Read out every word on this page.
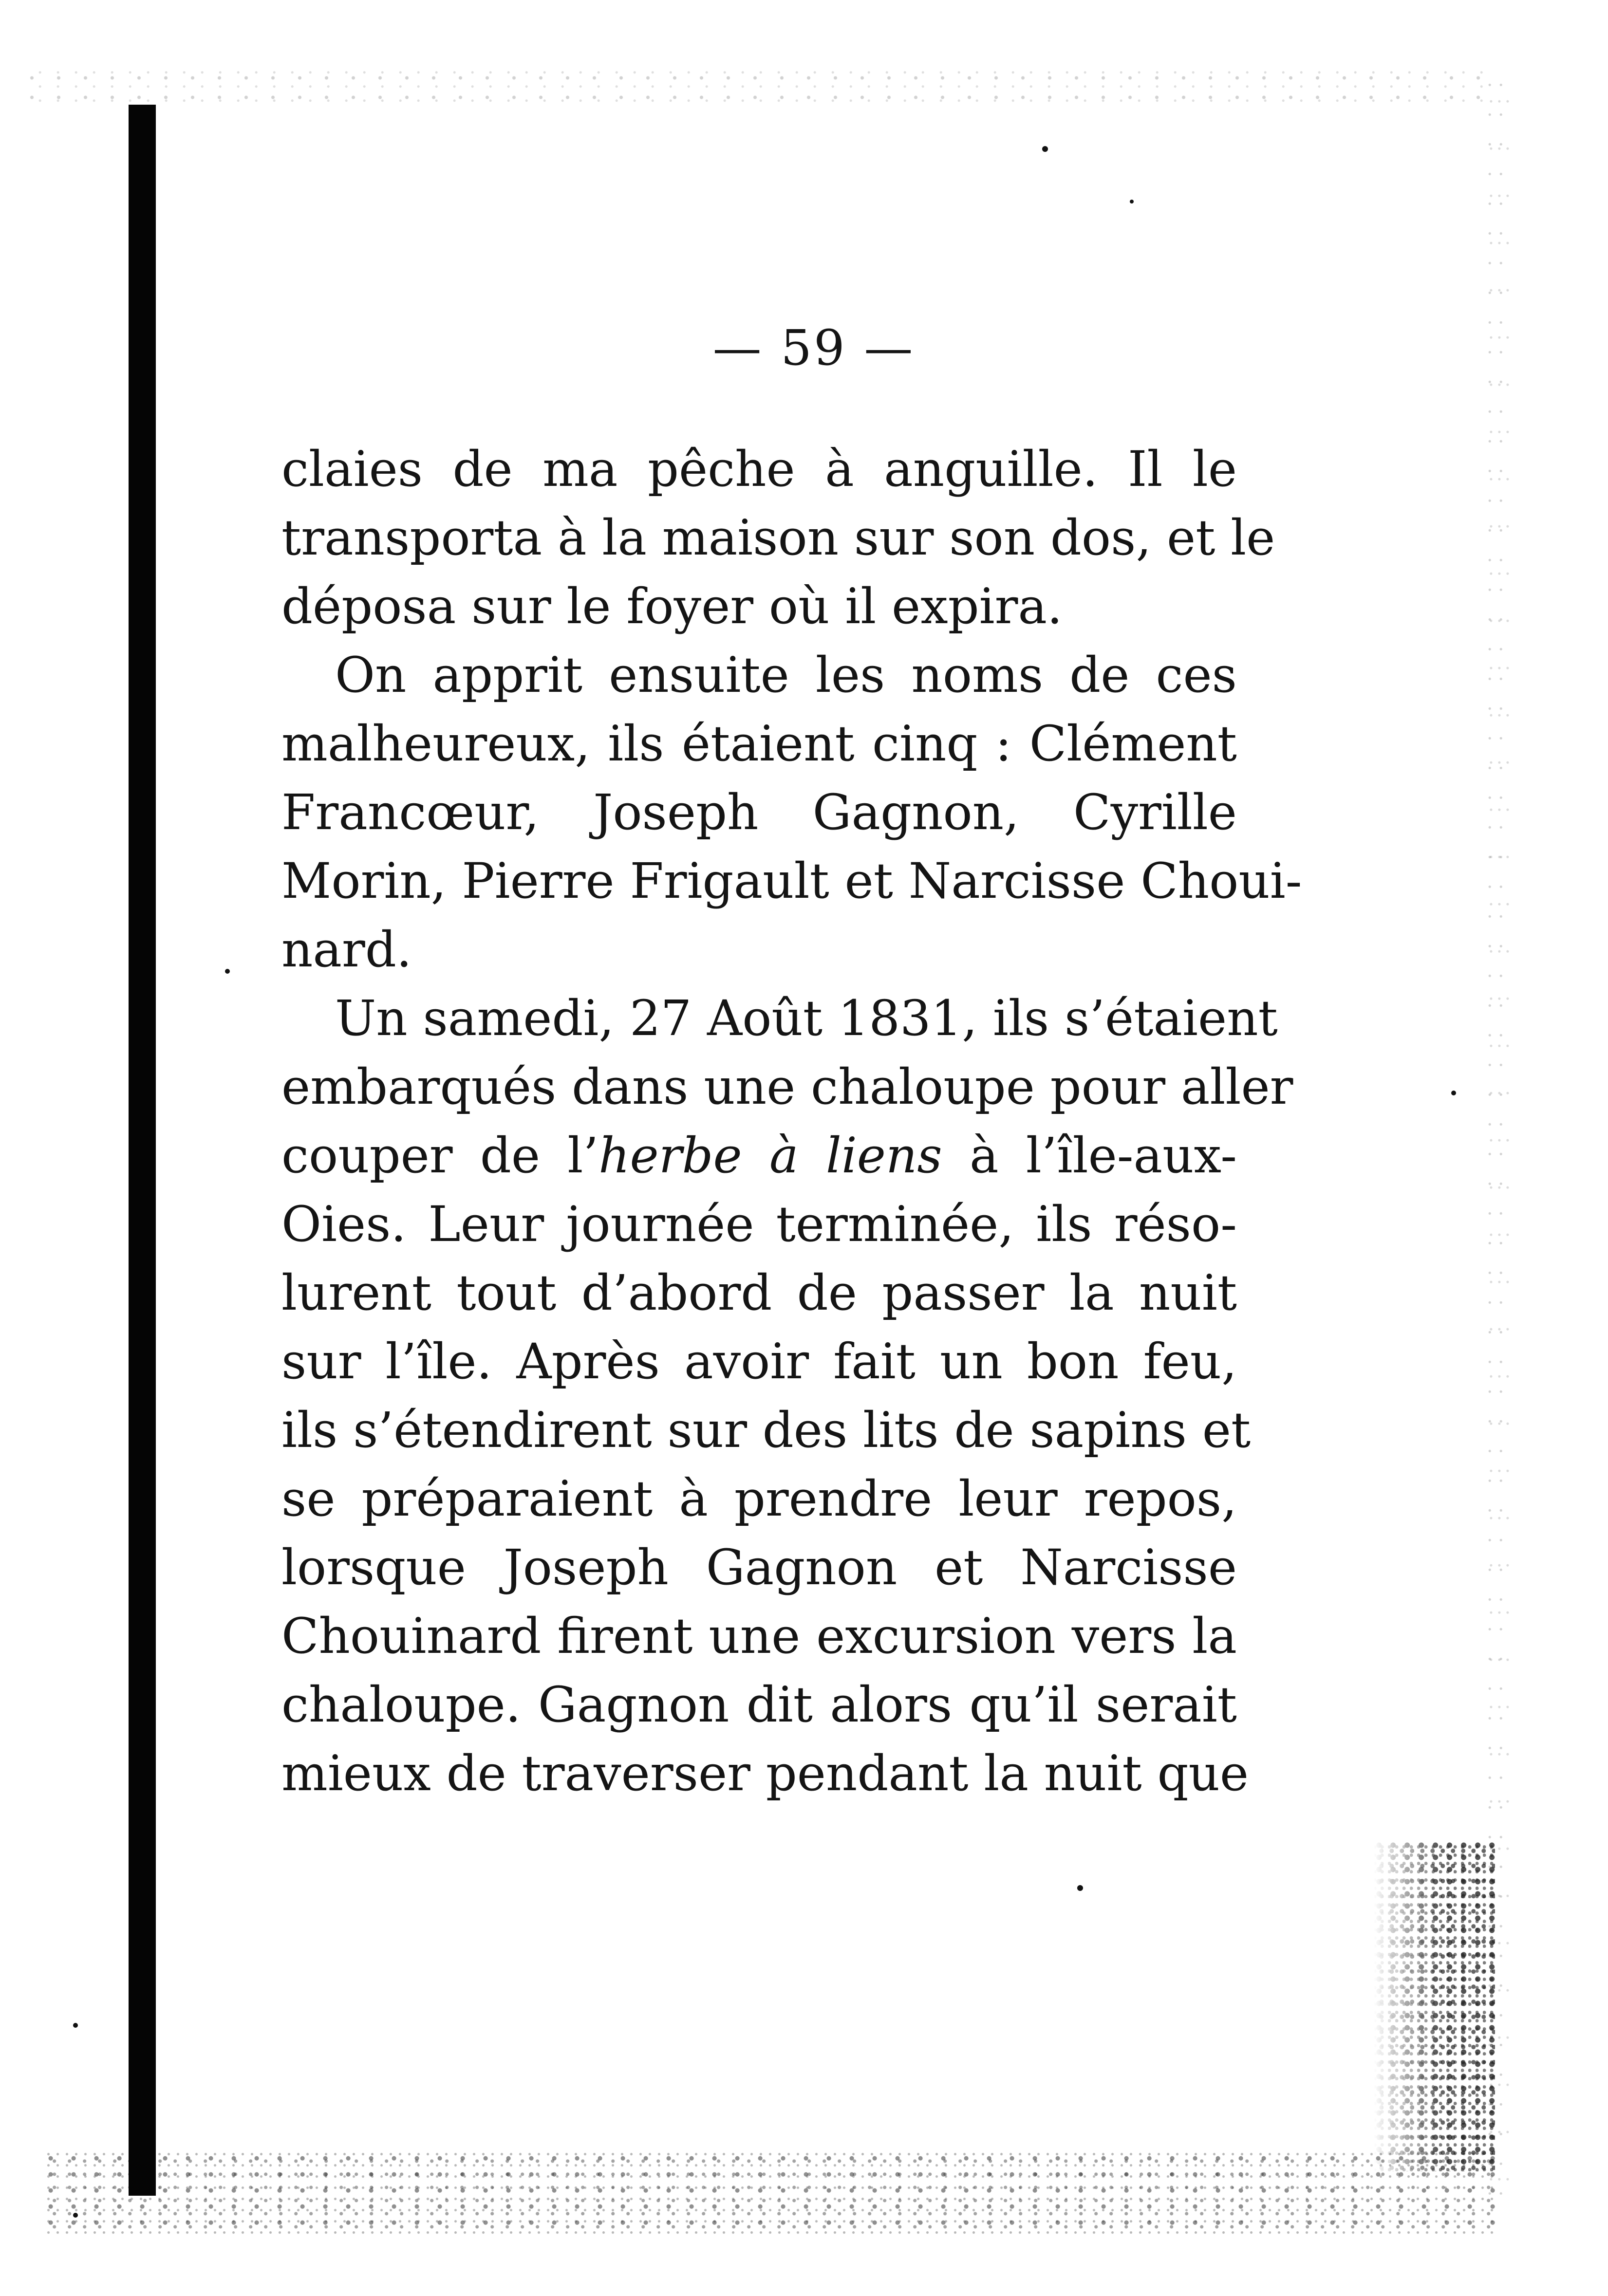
— 59 —
claies de ma pêche à anguille. Il le
transporta à la maison sur son dos, et le
déposa sur le foyer où il expira.
On apprit ensuite les noms de ces
malheureux, ils étaient cinq : Clément
Francœur, Joseph Gagnon, Cyrille
Morin, Pierre Frigault et Narcisse Choui-
nard.
Un samedi, 27 Août 1831, ils s’étaient
embarqués dans une chaloupe pour aller
couper de l’herbe à liens à l’île-aux-
Oies. Leur journée terminée, ils réso-
lurent tout d’abord de passer la nuit
sur l’île. Après avoir fait un bon feu,
ils s’étendirent sur des lits de sapins et
se préparaient à prendre leur repos,
lorsque Joseph Gagnon et Narcisse
Chouinard firent une excursion vers la
chaloupe. Gagnon dit alors qu’il serait
mieux de traverser pendant la nuit que
